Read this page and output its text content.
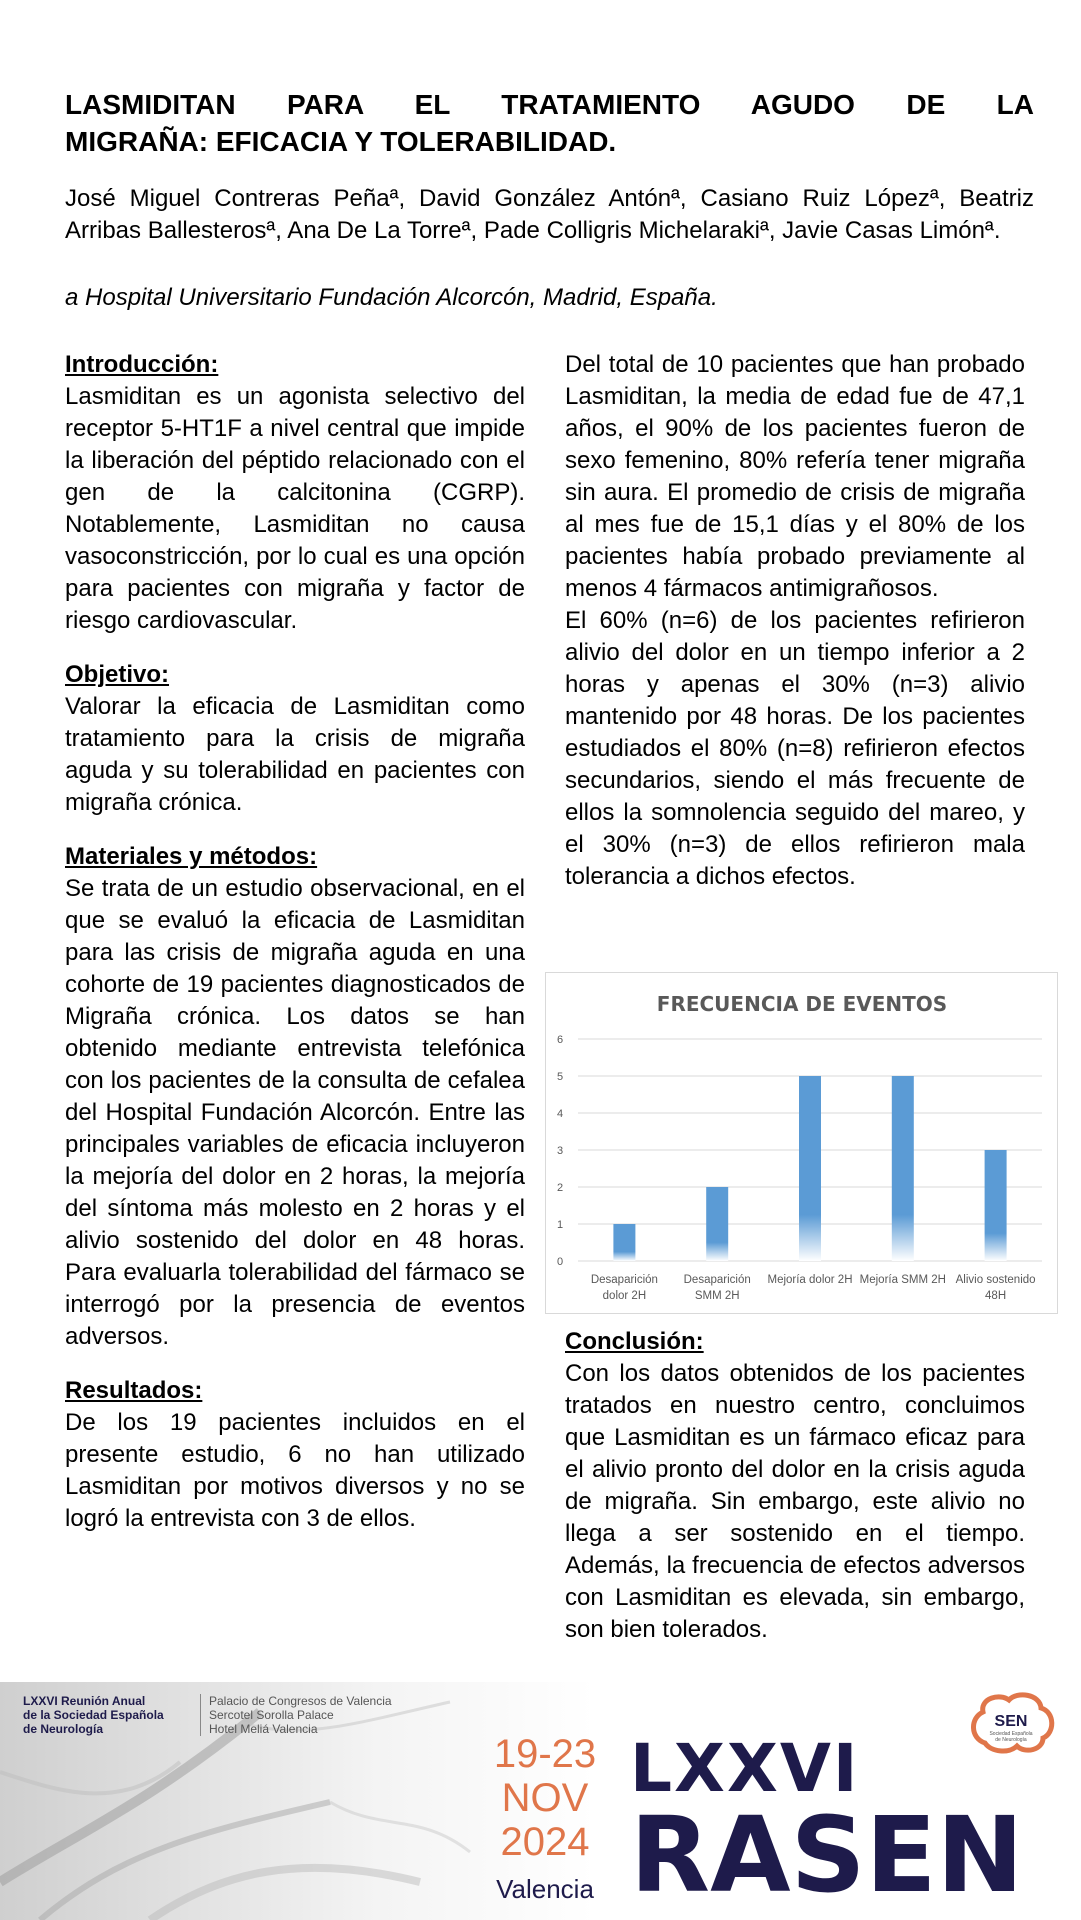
LASMIDITAN PARA EL TRATAMIENTO AGUDO DE LA
MIGRAÑA: EFICACIA Y TOLERABILIDAD.

José Miguel Contreras Peñaª, David González Antónª, Casiano Ruiz Lópezª, Beatriz Arribas Ballesterosª, Ana De La Torreª, Pade Colligris Michelarakiª, Javie Casas Limónª.

a Hospital Universitario Fundación Alcorcón, Madrid, España.
Introducción:

Lasmiditan es un agonista selectivo del receptor 5-HT1F a nivel central que impide la liberación del péptido relacionado con el gen de la calcitonina (CGRP). Notablemente, Lasmiditan no causa vasoconstricción, por lo cual es una opción para pacientes con migraña y factor de riesgo cardiovascular.

Objetivo:

Valorar la eficacia de Lasmiditan como tratamiento para la crisis de migraña aguda y su tolerabilidad en pacientes con migraña crónica.

Materiales y métodos:

Se trata de un estudio observacional, en el que se evaluó la eficacia de Lasmiditan para las crisis de migraña aguda en una cohorte de 19 pacientes diagnosticados de Migraña crónica. Los datos se han obtenido mediante entrevista telefónica con los pacientes de la consulta de cefalea del Hospital Fundación Alcorcón. Entre las principales variables de eficacia incluyeron la mejoría del dolor en 2 horas, la mejoría del síntoma más molesto en 2 horas y el alivio sostenido del dolor en 48 horas. Para evaluarla tolerabilidad del fármaco se interrogó por la presencia de eventos adversos.

Resultados:

De los 19 pacientes incluidos en el presente estudio, 6 no han utilizado Lasmiditan por motivos diversos y no se logró la entrevista con 3 de ellos.

Del total de 10 pacientes que han probado Lasmiditan, la media de edad fue de 47,1 años, el 90% de los pacientes fueron de sexo femenino, 80% refería tener migraña sin aura. El promedio de crisis de migraña al mes fue de 15,1 días y el 80% de los pacientes había probado previamente al menos 4 fármacos antimigrañosos.

El 60% (n=6) de los pacientes refirieron alivio del dolor en un tiempo inferior a 2 horas y apenas el 30% (n=3) alivio mantenido por 48 horas. De los pacientes estudiados el 80% (n=8) refirieron efectos secundarios, siendo el más frecuente de ellos la somnolencia seguido del mareo, y el 30% (n=3) de ellos refirieron mala tolerancia a dichos efectos.

FRECUENCIA DE EVENTOS
0
1
2
3
4
5
6
Desaparición
dolor 2H
Desaparición
SMM 2H
Mejoría dolor 2H Mejoría SMM 2H Alivio sostenido
48H
Conclusión:

Con los datos obtenidos de los pacientes tratados en nuestro centro, concluimos que Lasmiditan es un fármaco eficaz para el alivio pronto del dolor en la crisis aguda de migraña. Sin embargo, este alivio no llega a ser sostenido en el tiempo. Además, la frecuencia de efectos adversos con Lasmiditan es elevada, sin embargo, son bien tolerados.

LXXVI Reunión Anual
de la Sociedad Española
de Neurología
Palacio de Congresos de Valencia
Sercotel Sorolla Palace
Hotel Meliá Valencia
19-23
NOV
2024
Valencia
LXXVI
RASEN
SEN
Sociedad Española
de Neurología
